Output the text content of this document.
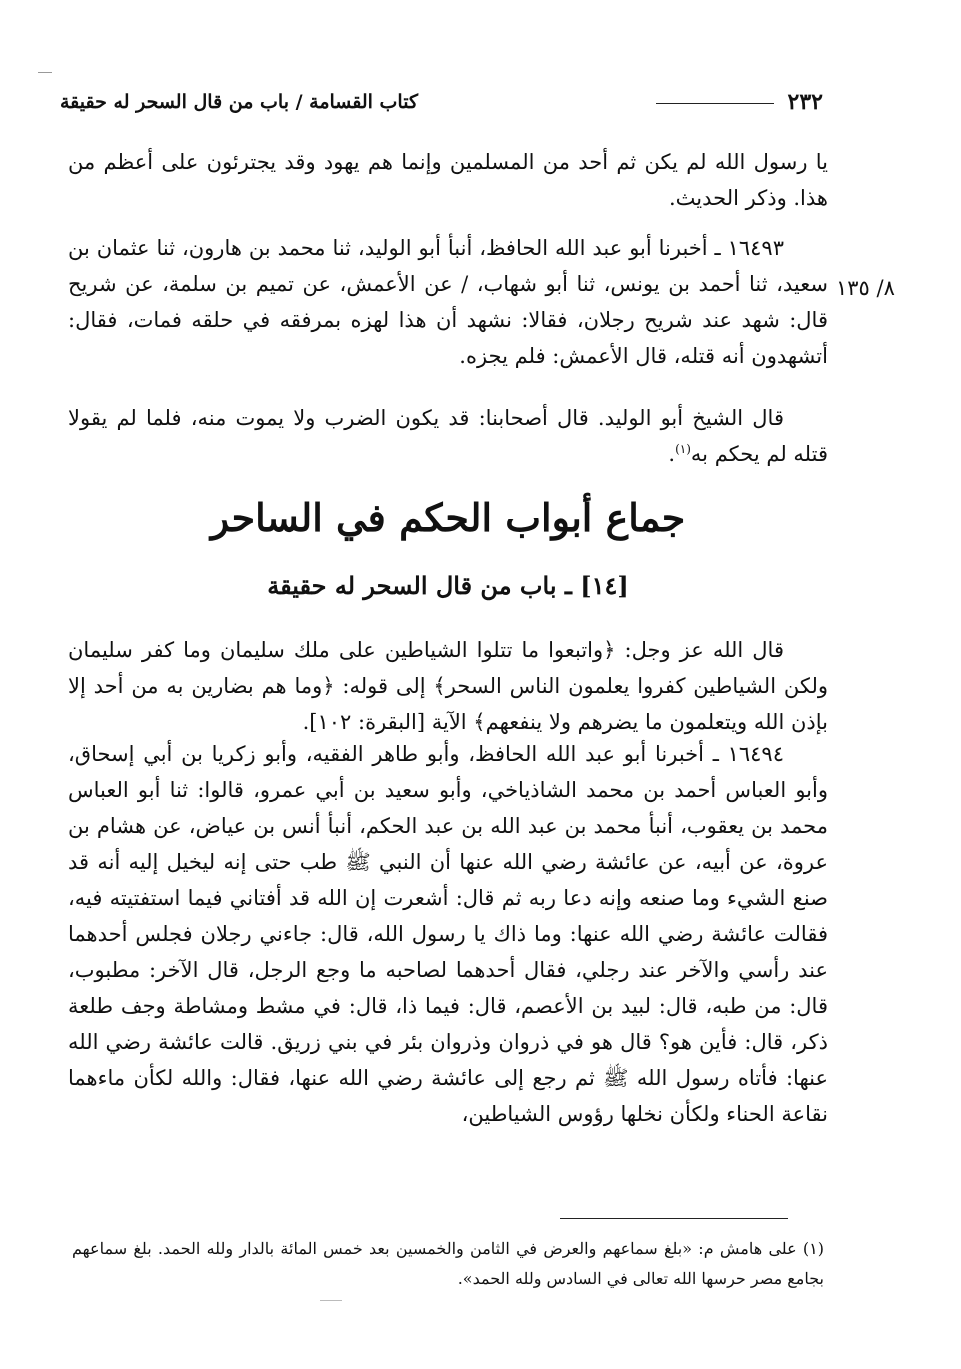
٢٣٢
كتاب القسامة / باب من قال السحر له حقيقة

يا رسول الله لم يكن ثم أحد من المسلمين وإنما هم يهود وقد يجترئون على أعظم من هذا. وذكر الحديث.

١٦٤٩٣ ـ أخبرنا أبو عبد الله الحافظ، أنبأ أبو الوليد، ثنا محمد بن هارون، ثنا عثمان بن سعيد، ثنا أحمد بن يونس، ثنا أبو شهاب، / عن الأعمش، عن تميم بن سلمة، عن شريح قال: شهد عند شريح رجلان، فقالا: نشهد أن هذا لهزه بمرفقه في حلقه فمات، فقال: أتشهدون أنه قتله، قال الأعمش: فلم يجزه.

٨/ ١٣٥

قال الشيخ أبو الوليد. قال أصحابنا: قد يكون الضرب ولا يموت منه، فلما لم يقولا قتله لم يحكم به$^{(١)}$.

جماع أبواب الحكم في الساحر
[١٤] ـ باب من قال السحر له حقيقة

قال الله عز وجل: ﴿واتبعوا ما تتلوا الشياطين على ملك سليمان وما كفر سليمان ولكن الشياطين كفروا يعلمون الناس السحر﴾ إلى قوله: ﴿وما هم بضارين به من أحد إلا بإذن الله ويتعلمون ما يضرهم ولا ينفعهم﴾ الآية [البقرة: ١٠٢].

١٦٤٩٤ ـ أخبرنا أبو عبد الله الحافظ، وأبو طاهر الفقيه، وأبو زكريا بن أبي إسحاق، وأبو العباس أحمد بن محمد الشاذياخي، وأبو سعيد بن أبي عمرو، قالوا: ثنا أبو العباس محمد بن يعقوب، أنبأ محمد بن عبد الله بن عبد الحكم، أنبأ أنس بن عياض، عن هشام بن عروة، عن أبيه، عن عائشة رضي الله عنها أن النبي ﷺ طب حتى إنه ليخيل إليه أنه قد صنع الشيء وما صنعه وإنه دعا ربه ثم قال: أشعرت إن الله قد أفتاني فيما استفتيته فيه، فقالت عائشة رضي الله عنها: وما ذاك يا رسول الله، قال: جاءني رجلان فجلس أحدهما عند رأسي والآخر عند رجلي، فقال أحدهما لصاحبه ما وجع الرجل، قال الآخر: مطبوب، قال: من طبه، قال: لبيد بن الأعصم، قال: فيما ذا، قال: في مشط ومشاطة وجف طلعة ذكر، قال: فأين هو؟ قال هو في ذروان وذروان بئر في بني زريق. قالت عائشة رضي الله عنها: فأتاه رسول الله ﷺ ثم رجع إلى عائشة رضي الله عنها، فقال: والله لكأن ماءهما نقاعة الحناء ولكأن نخلها رؤوس الشياطين،

(١) على هامش م: «بلغ سماعهم والعرض في الثامن والخمسين بعد خمس المائة بالدار ولله الحمد. بلغ سماعهم بجامع مصر حرسها الله تعالى في السادس ولله الحمد».
